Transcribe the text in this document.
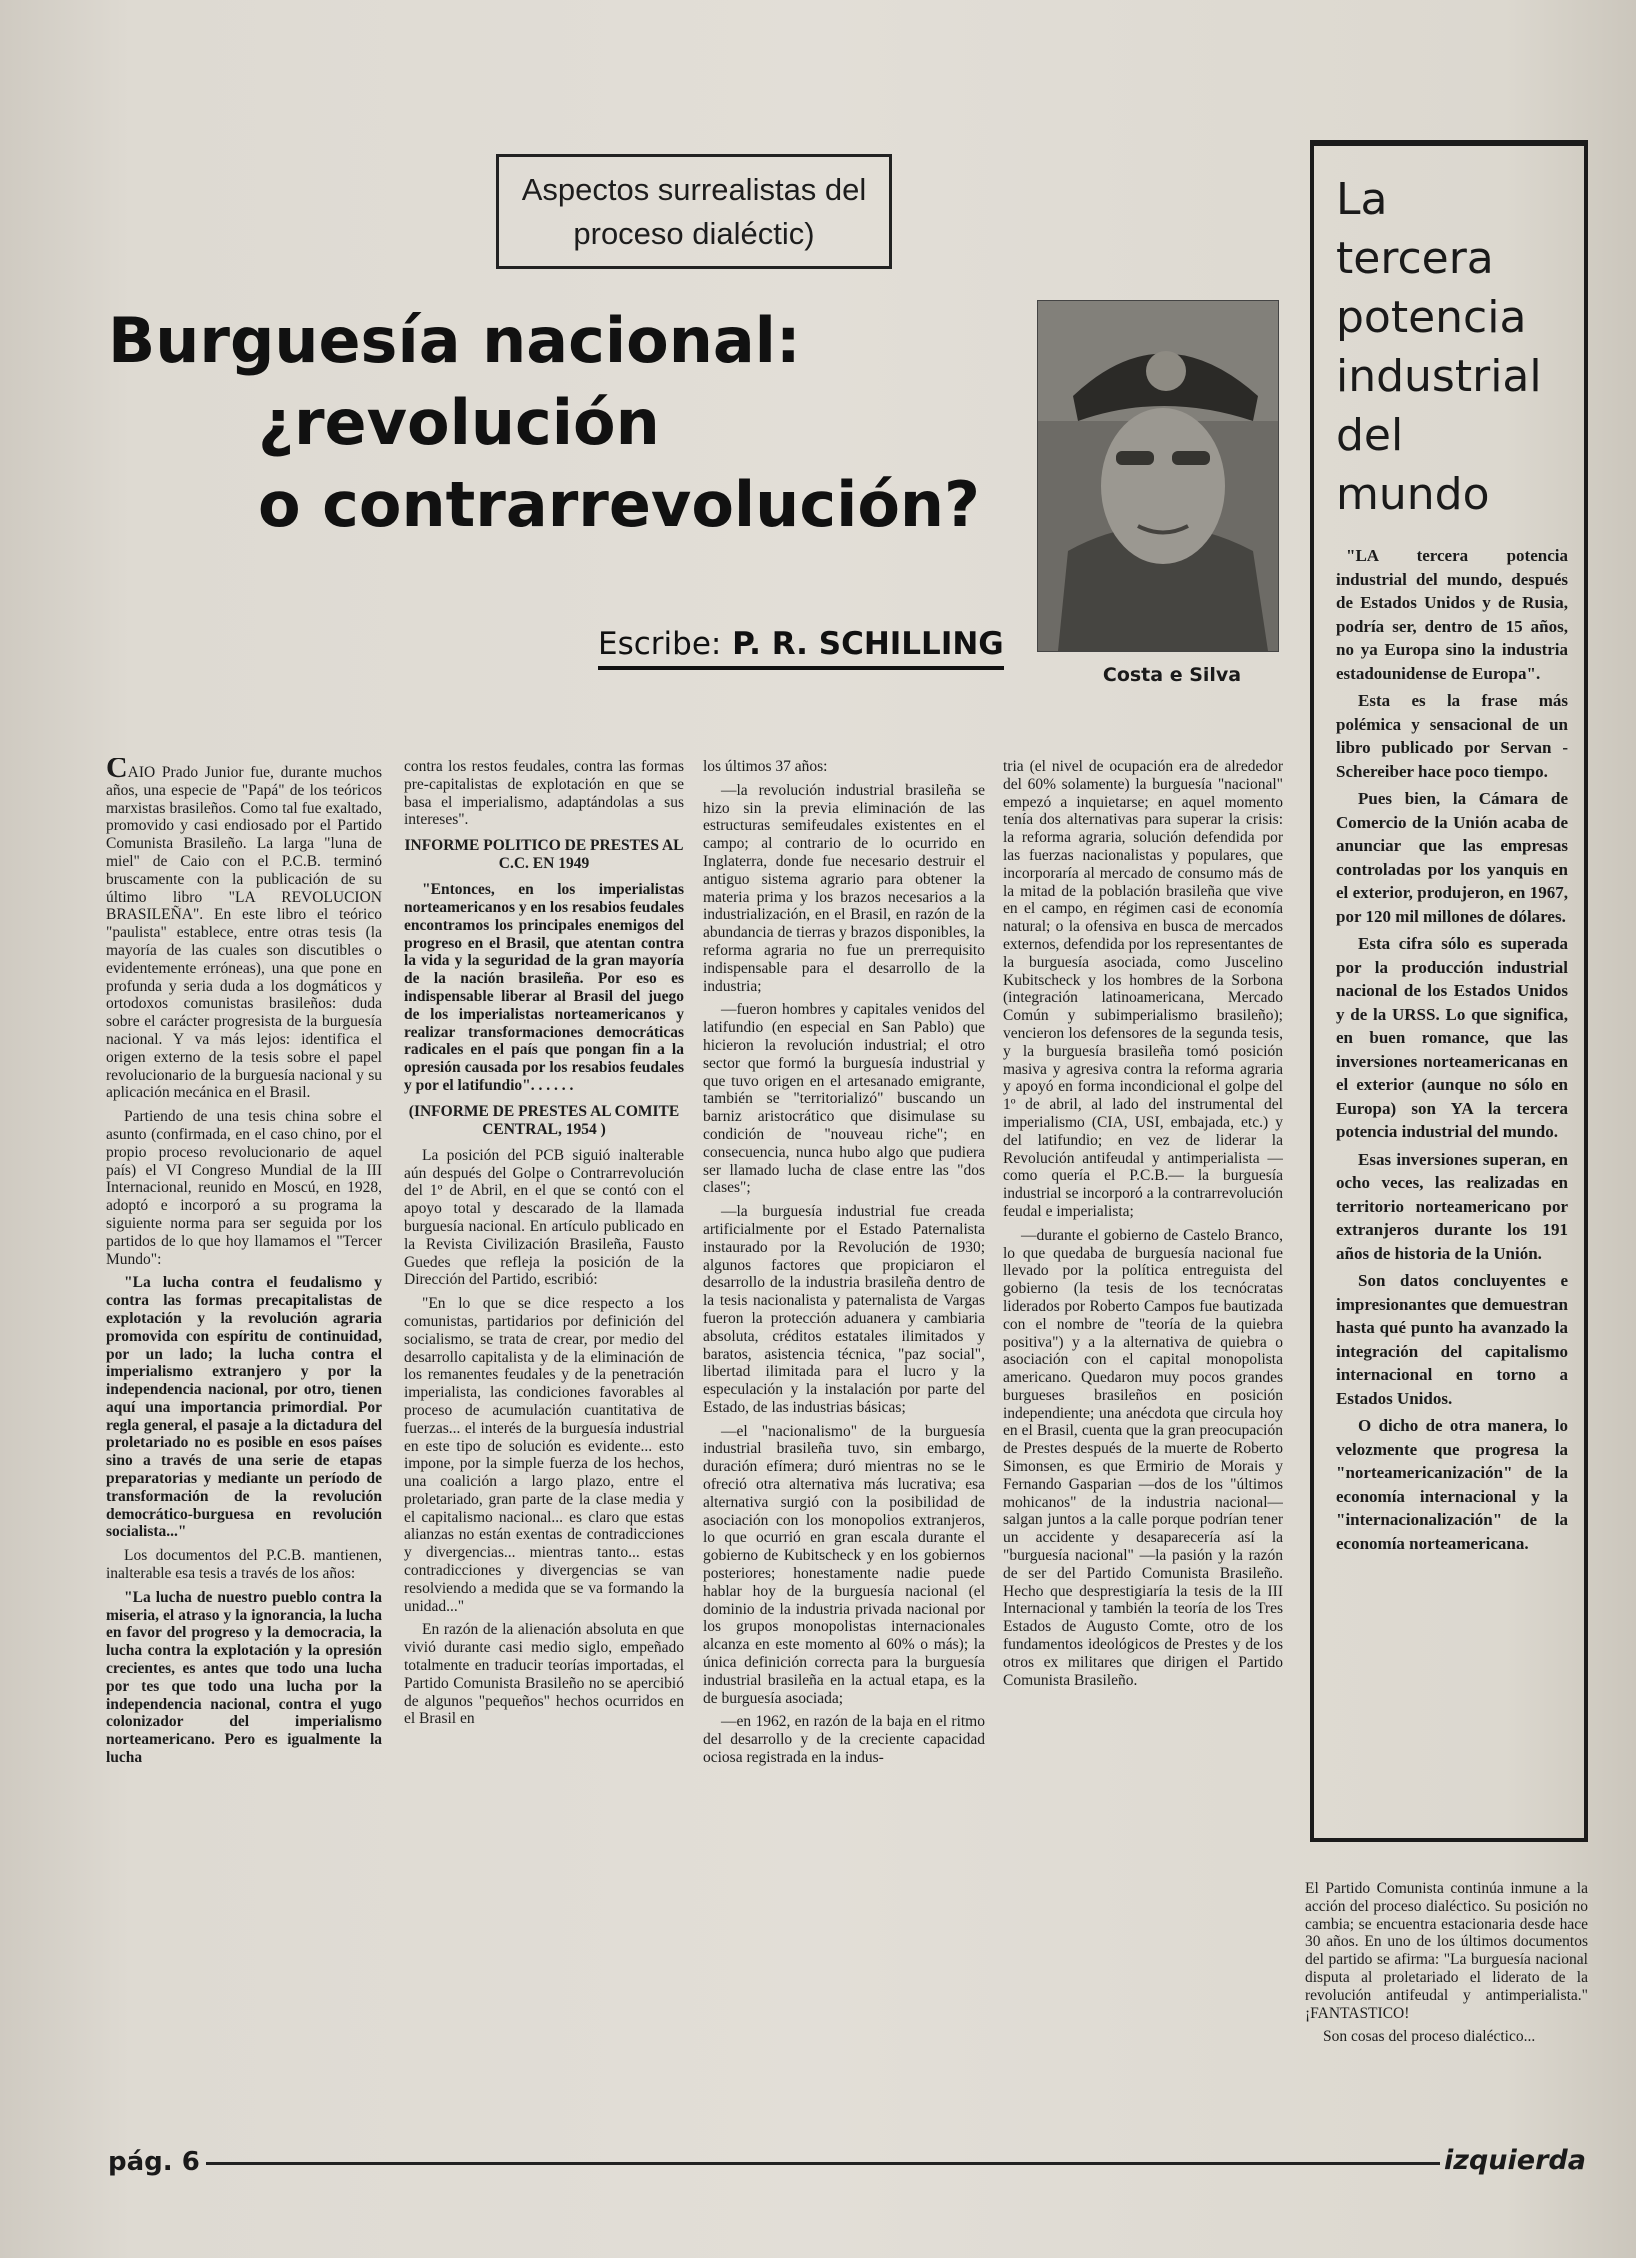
Aspectos surrealistas del
proceso dialéctic)
Burguesía nacional:
¿revolución
o contrarrevolución?
Escribe: P. R. SCHILLING
Costa e Silva

CAIO Prado Junior fue, durante muchos años, una especie de "Papá" de los teóricos marxistas brasileños. Como tal fue exaltado, promovido y casi endiosado por el Partido Comunista Brasileño. La larga "luna de miel" de Caio con el P.C.B. terminó bruscamente con la publicación de su último libro "LA REVOLUCION BRASILEÑA". En este libro el teórico "paulista" establece, entre otras tesis (la mayoría de las cuales son discutibles o evidentemente erróneas), una que pone en profunda y seria duda a los dogmáticos y ortodoxos comunistas brasileños: duda sobre el carácter progresista de la burguesía nacional. Y va más lejos: identifica el origen externo de la tesis sobre el papel revolucionario de la burguesía nacional y su aplicación mecánica en el Brasil.

Partiendo de una tesis china sobre el asunto (confirmada, en el caso chino, por el propio proceso revolucionario de aquel país) el VI Congreso Mundial de la III Internacional, reunido en Moscú, en 1928, adoptó e incorporó a su programa la siguiente norma para ser seguida por los partidos de lo que hoy llamamos el "Tercer Mundo":

"La lucha contra el feudalismo y contra las formas precapitalistas de explotación y la revolución agraria promovida con espíritu de continuidad, por un lado; la lucha contra el imperialismo extranjero y por la independencia nacional, por otro, tienen aquí una importancia primordial. Por regla general, el pasaje a la dictadura del proletariado no es posible en esos países sino a través de una serie de etapas preparatorias y mediante un período de transformación de la revolución democrático-burguesa en revolución socialista..."

Los documentos del P.C.B. mantienen, inalterable esa tesis a través de los años:

"La lucha de nuestro pueblo contra la miseria, el atraso y la ignorancia, la lucha en favor del progreso y la democracia, la lucha contra la explotación y la opresión crecientes, es antes que todo una lucha por tes que todo una lucha por la independencia nacional, contra el yugo colonizador del imperialismo norteamericano. Pero es igualmente la lucha

contra los restos feudales, contra las formas pre-capitalistas de explotación en que se basa el imperialismo, adaptándolas a sus intereses".

INFORME POLITICO DE PRESTES AL C.C. EN 1949

"Entonces, en los imperialistas norteamericanos y en los resabios feudales encontramos los principales enemigos del progreso en el Brasil, que atentan contra la vida y la seguridad de la gran mayoría de la nación brasileña. Por eso es indispensable liberar al Brasil del juego de los imperialistas norteamericanos y realizar transformaciones democráticas radicales en el país que pongan fin a la opresión causada por los resabios feudales y por el latifundio". . . . . .

(INFORME DE PRESTES AL COMITE CENTRAL, 1954 )

La posición del PCB siguió inalterable aún después del Golpe o Contrarrevolución del 1º de Abril, en el que se contó con el apoyo total y descarado de la llamada burguesía nacional. En artículo publicado en la Revista Civilización Brasileña, Fausto Guedes que refleja la posición de la Dirección del Partido, escribió:

"En lo que se dice respecto a los comunistas, partidarios por definición del socialismo, se trata de crear, por medio del desarrollo capitalista y de la eliminación de los remanentes feudales y de la penetración imperialista, las condiciones favorables al proceso de acumulación cuantitativa de fuerzas... el interés de la burguesía industrial en este tipo de solución es evidente... esto impone, por la simple fuerza de los hechos, una coalición a largo plazo, entre el proletariado, gran parte de la clase media y el capitalismo nacional... es claro que estas alianzas no están exentas de contradicciones y divergencias... mientras tanto... estas contradicciones y divergencias se van resolviendo a medida que se va formando la unidad..."

En razón de la alienación absoluta en que vivió durante casi medio siglo, empeñado totalmente en traducir teorías importadas, el Partido Comunista Brasileño no se apercibió de algunos "pequeños" hechos ocurridos en el Brasil en

los últimos 37 años:

—la revolución industrial brasileña se hizo sin la previa eliminación de las estructuras semifeudales existentes en el campo; al contrario de lo ocurrido en Inglaterra, donde fue necesario destruir el antiguo sistema agrario para obtener la materia prima y los brazos necesarios a la industrialización, en el Brasil, en razón de la abundancia de tierras y brazos disponibles, la reforma agraria no fue un prerrequisito indispensable para el desarrollo de la industria;

—fueron hombres y capitales venidos del latifundio (en especial en San Pablo) que hicieron la revolución industrial; el otro sector que formó la burguesía industrial y que tuvo origen en el artesanado emigrante, también se "territorializó" buscando un barniz aristocrático que disimulase su condición de "nouveau riche"; en consecuencia, nunca hubo algo que pudiera ser llamado lucha de clase entre las "dos clases";

—la burguesía industrial fue creada artificialmente por el Estado Paternalista instaurado por la Revolución de 1930; algunos factores que propiciaron el desarrollo de la industria brasileña dentro de la tesis nacionalista y paternalista de Vargas fueron la protección aduanera y cambiaria absoluta, créditos estatales ilimitados y baratos, asistencia técnica, "paz social", libertad ilimitada para el lucro y la especulación y la instalación por parte del Estado, de las industrias básicas;

—el "nacionalismo" de la burguesía industrial brasileña tuvo, sin embargo, duración efímera; duró mientras no se le ofreció otra alternativa más lucrativa; esa alternativa surgió con la posibilidad de asociación con los monopolios extranjeros, lo que ocurrió en gran escala durante el gobierno de Kubitscheck y en los gobiernos posteriores; honestamente nadie puede hablar hoy de la burguesía nacional (el dominio de la industria privada nacional por los grupos monopolistas internacionales alcanza en este momento al 60% o más); la única definición correcta para la burguesía industrial brasileña en la actual etapa, es la de burguesía asociada;

—en 1962, en razón de la baja en el ritmo del desarrollo y de la creciente capacidad ociosa registrada en la indus-

tria (el nivel de ocupación era de alrededor del 60% solamente) la burguesía "nacional" empezó a inquietarse; en aquel momento tenía dos alternativas para superar la crisis: la reforma agraria, solución defendida por las fuerzas nacionalistas y populares, que incorporaría al mercado de consumo más de la mitad de la población brasileña que vive en el campo, en régimen casi de economía natural; o la ofensiva en busca de mercados externos, defendida por los representantes de la burguesía asociada, como Juscelino Kubitscheck y los hombres de la Sorbona (integración latinoamericana, Mercado Común y subimperialismo brasileño); vencieron los defensores de la segunda tesis, y la burguesía brasileña tomó posición masiva y agresiva contra la reforma agraria y apoyó en forma incondicional el golpe del 1º de abril, al lado del instrumental del imperialismo (CIA, USI, embajada, etc.) y del latifundio; en vez de liderar la Revolución antifeudal y antimperialista — como quería el P.C.B.— la burguesía industrial se incorporó a la contrarrevolución feudal e imperialista;

—durante el gobierno de Castelo Branco, lo que quedaba de burguesía nacional fue llevado por la política entreguista del gobierno (la tesis de los tecnócratas liderados por Roberto Campos fue bautizada con el nombre de "teoría de la quiebra positiva") y a la alternativa de quiebra o asociación con el capital monopolista americano. Quedaron muy pocos grandes burgueses brasileños en posición independiente; una anécdota que circula hoy en el Brasil, cuenta que la gran preocupación de Prestes después de la muerte de Roberto Simonsen, es que Ermirio de Morais y Fernando Gasparian —dos de los "últimos mohicanos" de la industria nacional— salgan juntos a la calle porque podrían tener un accidente y desaparecería así la "burguesía nacional" —la pasión y la razón de ser del Partido Comunista Brasileño. Hecho que desprestigiaría la tesis de la III Internacional y también la teoría de los Tres Estados de Augusto Comte, otro de los fundamentos ideológicos de Prestes y de los otros ex militares que dirigen el Partido Comunista Brasileño.

La
tercera
potencia
industrial
del
mundo

"LA tercera potencia industrial del mundo, después de Estados Unidos y de Rusia, podría ser, dentro de 15 años, no ya Europa sino la industria estadounidense de Europa".

Esta es la frase más polémica y sensacional de un libro publicado por Servan - Schereiber hace poco tiempo.

Pues bien, la Cámara de Comercio de la Unión acaba de anunciar que las empresas controladas por los yanquis en el exterior, produjeron, en 1967, por 120 mil millones de dólares.

Esta cifra sólo es superada por la producción industrial nacional de los Estados Unidos y de la URSS. Lo que significa, en buen romance, que las inversiones norteamericanas en el exterior (aunque no sólo en Europa) son YA la tercera potencia industrial del mundo.

Esas inversiones superan, en ocho veces, las realizadas en territorio norteamericano por extranjeros durante los 191 años de historia de la Unión.

Son datos concluyentes e impresionantes que demuestran hasta qué punto ha avanzado la integración del capitalismo internacional en torno a Estados Unidos.

O dicho de otra manera, lo velozmente que progresa la "norteamericanización" de la economía internacional y la "internacionalización" de la economía norteamericana.

El Partido Comunista continúa inmune a la acción del proceso dialéctico. Su posición no cambia; se encuentra estacionaria desde hace 30 años. En uno de los últimos documentos del partido se afirma: "La burguesía nacional disputa al proletariado el liderato de la revolución antifeudal y antimperialista." ¡FANTASTICO!

Son cosas del proceso dialéctico...

pág. 6	izquierda
